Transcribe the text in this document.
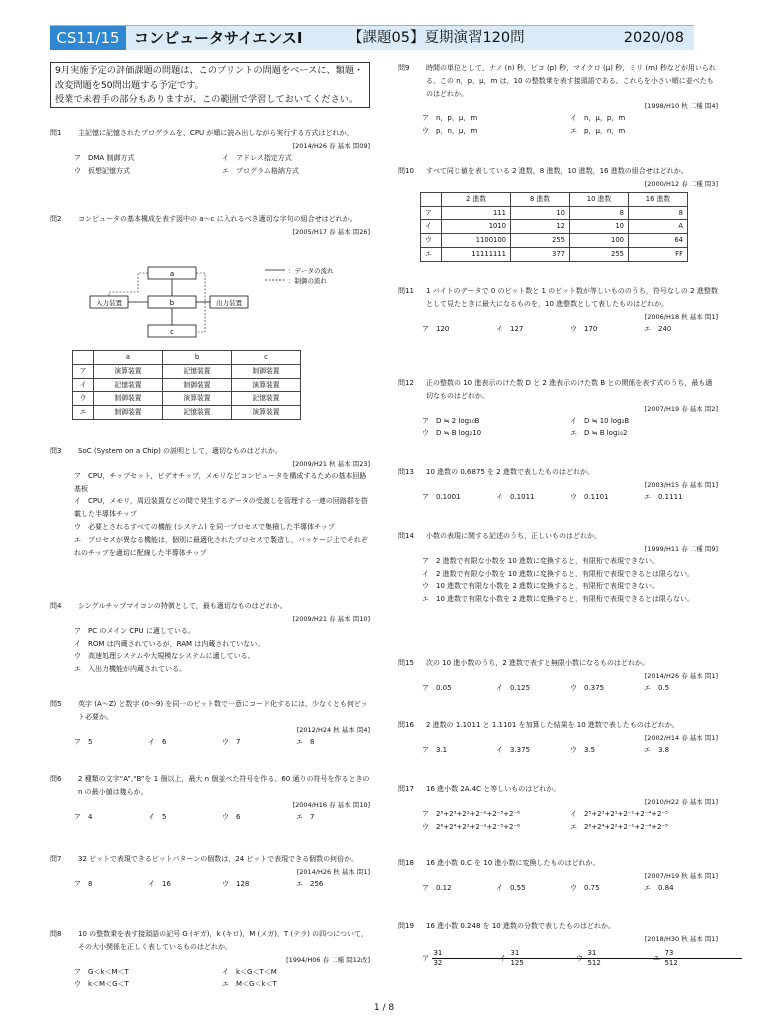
CS11/15 コンピュータサイエンスⅠ	【課題05】夏期演習120問	2020/08
9月実施予定の評価課題の問題は、このプリントの問題をベースに、類題・
改変問題を50問出題する予定です。
授業で未着手の部分もありますが、この範囲で学習しておいてください。
問1 主記憶に記憶されたプログラムを、CPU が順に読み出しながら実行する方式はどれか。
[2014/H26 春 基本 問09]
ア　DMA 制御方式	イ　アドレス指定方式
ウ　仮想記憶方式	エ　プログラム格納方式
問2 コンピュータの基本構成を表す図中の a～c に入れるべき適切な字句の組合せはどれか。
[2005/H17 春 基本 問26]
a
b
c
入力装置	出力装置
：データの流れ
：制御の流れ
	a	b	c
ア	演算装置	記憶装置	制御装置
イ	記憶装置	制御装置	演算装置
ウ	制御装置	演算装置	記憶装置
エ	制御装置	記憶装置	演算装置
問3 SoC (System on a Chip) の説明として，適切なものはどれか。
[2009/H21 秋 基本 問23]
ア　CPU，チップセット，ビデオチップ，メモリなどコンピュータを構成するための基本回路基板
イ　CPU，メモリ，周辺装置などの間で発生するデータの受渡しを管理する一連の回路群を搭載した半導体チップ
ウ　必要とされるすべての機能 (システム) を同一プロセスで集積した半導体チップ
エ　プロセスが異なる機能は，個別に最適化されたプロセスで製造し，パッケージ上でそれぞれのチップを適切に配線した半導体チップ
問4 シングルチップマイコンの特徴として，最も適切なものはどれか。
[2009/H21 春 基本 問10]
ア　PC のメイン CPU に適している。
イ　ROM は内蔵されているが，RAM は内蔵されていない。
ウ　高速処理システムや大規模なシステムに適している。
エ　入出力機能が内蔵されている。
問5 英字 (A～Z) と数字 (0～9) を同一のビット数で一意にコード化するには，少なくとも何ビット必要か。
[2012/H24 秋 基本 問4]
ア　5	イ　6	ウ　7	エ　8
問6 2 種類の文字“A”,“B”を 1 個以上，最大 n 個並べた符号を作る。60 通りの符号を作るときの n の最小値は幾らか。
[2004/H16 春 基本 問10]
ア　4	イ　5	ウ　6	エ　7
問7 32 ビットで表現できるビットパターンの個数は，24 ビットで表現できる個数の何倍か。
[2014/H26 秋 基本 問1]
ア　8	イ　16	ウ　128	エ　256
問8 10 の整数乗を表す接頭語の記号 G (ギガ)，k (キロ)，M (メガ)，T (テラ) の四つについて，その大小関係を正しく表しているものはどれか。
[1994/H06 春 二種 問12改]
ア　G＜k＜M＜T	イ　k＜G＜T＜M
ウ　k＜M＜G＜T	エ　M＜G＜k＜T
問9 時間の単位として，ナノ (n) 秒，ピコ (p) 秒，マイクロ (μ) 秒，ミリ (m) 秒などが用いられる。この n，p，μ，m は，10 の整数乗を表す接頭語である。これらを小さい順に並べたものはどれか。
[1998/H10 秋 二種 問4]
ア　n，p，μ，m	イ　n，μ，p，m
ウ　p，n，μ，m	エ　p，μ，n，m
問10 すべて同じ値を表している 2 進数，8 進数，10 進数，16 進数の組合せはどれか。
[2000/H12 春 二種 問3]
	2 進数	8 進数	10 進数	16 進数
ア	111	10	8	8
イ	1010	12	10	A
ウ	1100100	255	100	64
エ	11111111	377	255	FF
問11 1 バイトのデータで 0 のビット数と 1 のビット数が等しいもののうち，符号なしの 2 進整数として見たときに最大になるものを，10 進整数として表したものはどれか。
[2006/H18 秋 基本 問1]
ア　120	イ　127	ウ　170	エ　240
問12 正の整数の 10 進表示のけた数 D と 2 進表示のけた数 B との関係を表す式のうち，最も適切なものはどれか。
[2007/H19 春 基本 問2]
ア　D ≒ 2 log₁₀B	イ　D ≒ 10 log₂B
ウ　D ≒ B log₂10	エ　D ≒ B log₁₀2
問13 10 進数の 0.6875 を 2 進数で表したものはどれか。
[2003/H15 春 基本 問1]
ア　0.1001	イ　0.1011	ウ　0.1101	エ　0.1111
問14 小数の表現に関する記述のうち，正しいものはどれか。
[1999/H11 春 二種 問9]
ア　2 進数で有限な小数を 10 進数に変換すると，有限桁で表現できない。
イ　2 進数で有限な小数を 10 進数に変換すると，有限桁で表現できるとは限らない。
ウ　10 進数で有限な小数を 2 進数に変換すると，有限桁で表現できない。
エ　10 進数で有限な小数を 2 進数に変換すると，有限桁で表現できるとは限らない。
問15 次の 10 進小数のうち，2 進数で表すと無限小数になるものはどれか。
[2014/H26 春 基本 問1]
ア　0.05	イ　0.125	ウ　0.375	エ　0.5
問16 2 進数の 1.1011 と 1.1101 を加算した結果を 10 進数で表したものはどれか。
[2002/H14 春 基本 問1]
ア　3.1	イ　3.375	ウ　3.5	エ　3.8
問17 16 進小数 2A.4C と等しいものはどれか。
[2010/H22 春 基本 問1]
ア　2⁵+2³+2¹+2⁻²+2⁻⁵+2⁻⁶	イ　2⁵+2³+2¹+2⁻¹+2⁻⁴+2⁻⁵
ウ　2⁶+2⁴+2²+2⁻²+2⁻⁵+2⁻⁶	エ　2⁶+2⁴+2²+2⁻¹+2⁻⁴+2⁻⁵
問18 16 進小数 0.C を 10 進小数に変換したものはどれか。
[2007/H19 秋 基本 問1]
ア　0.12	イ　0.55	ウ　0.75	エ　0.84
問19 16 進小数 0.248 を 10 進数の分数で表したものはどれか。
[2018/H30 秋 基本 問1]
ア $\frac{31}{32}$
イ $\frac{31}{125}$
ウ $\frac{31}{512}$
エ $\frac{73}{512}$
1 / 8
